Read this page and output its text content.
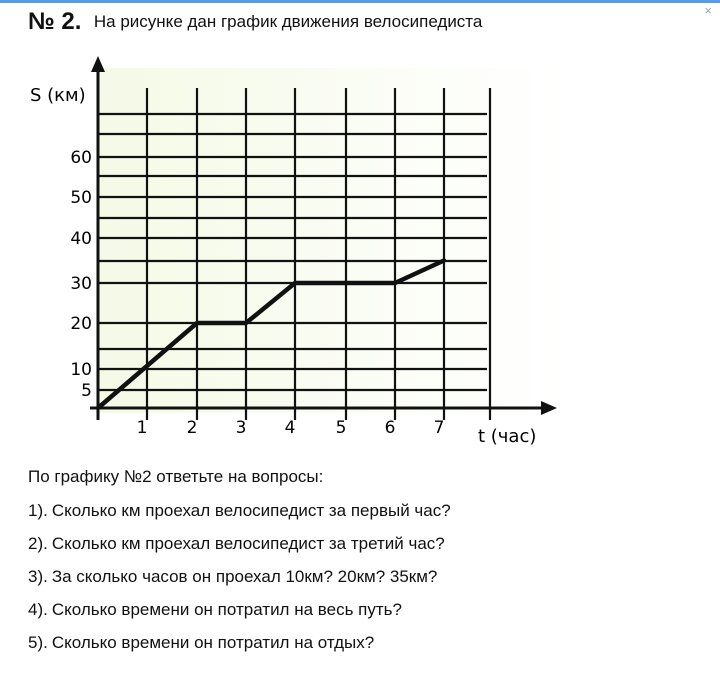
×
№ 2. На рисунке дан график движения велосипедиста
5
10
20
30
40
50
60
1 2 3 4 5 6 7
S (км)
t (час)

По графику №2 ответьте на вопросы:

1). Сколько км проехал велосипедист за первый час?
2). Сколько км проехал велосипедист за третий час?
3). За сколько часов он проехал 10км? 20км? 35км?
4). Сколько времени он потратил на весь путь?
5). Сколько времени он потратил на отдых?
